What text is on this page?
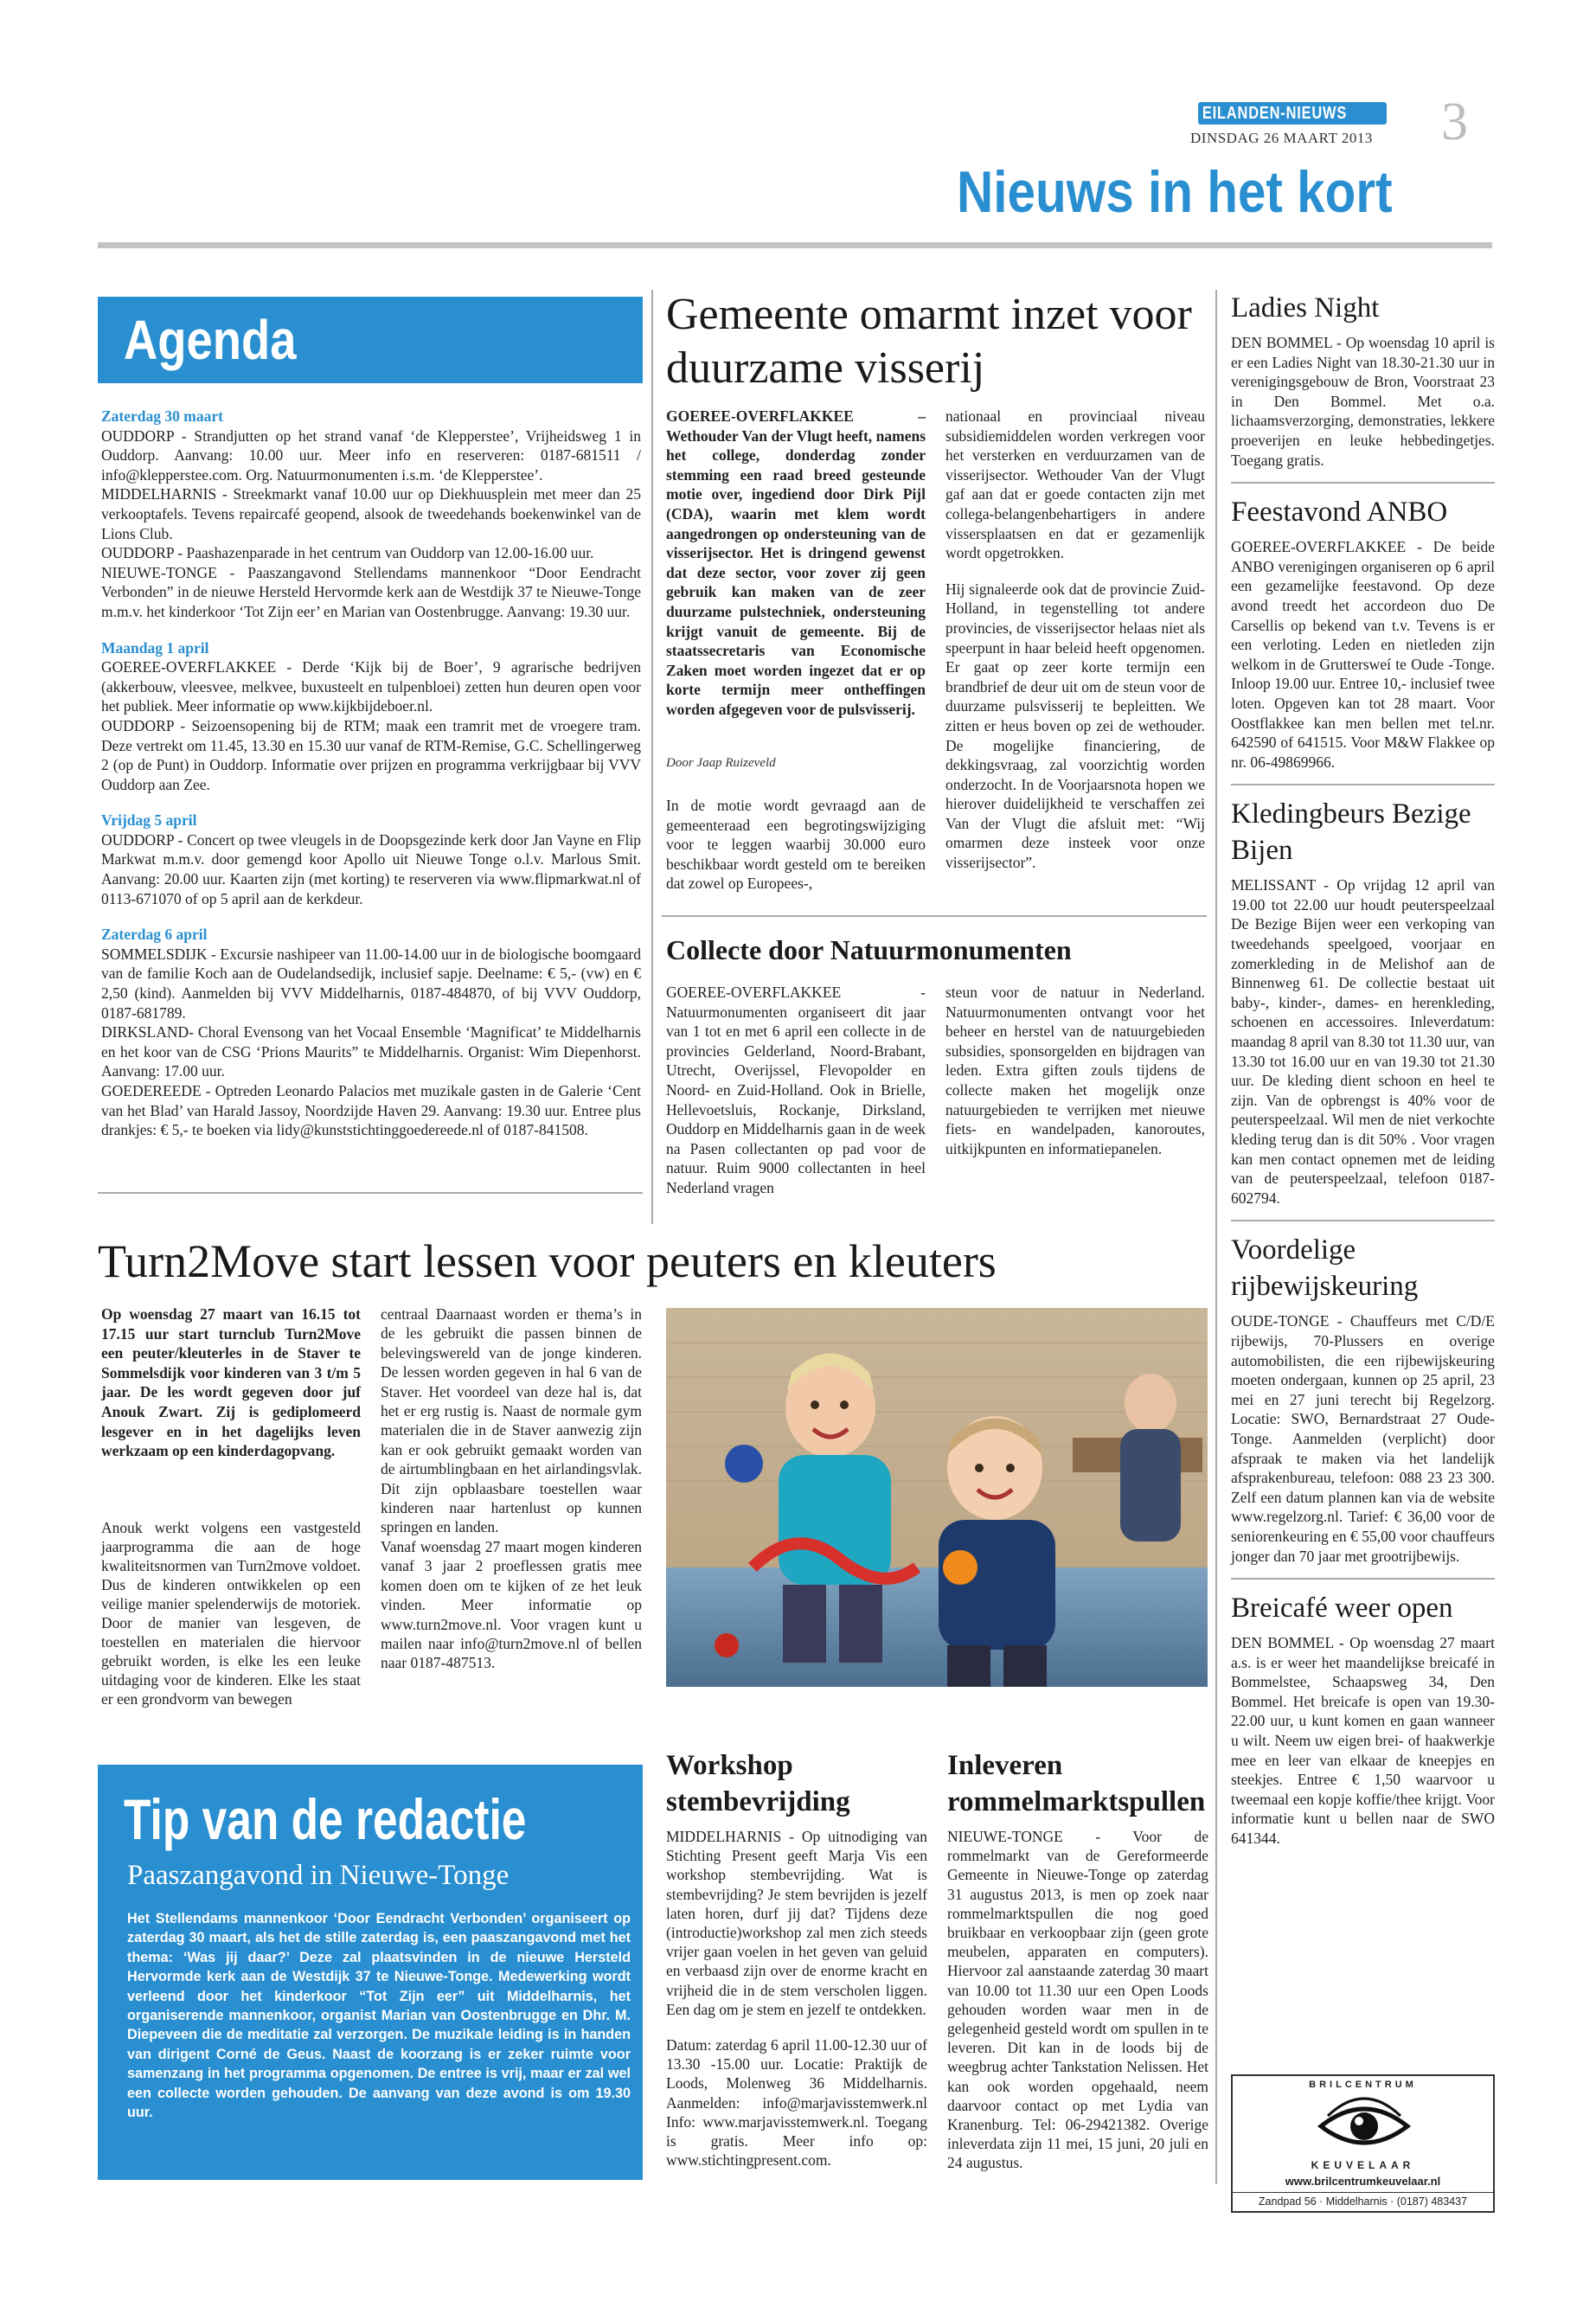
EILANDEN-NIEUWS
DINSDAG 26 MAART 2013	3
Nieuws in het kort
Agenda

Zaterdag 30 maart

OUDDORP - Strandjutten op het strand vanaf ‘de Klepperstee’, Vrijheidsweg 1 in Ouddorp. Aanvang: 10.00 uur. Meer info en reserveren: 0187-681511 / info@klepperstee.com. Org. Natuurmonumenten i.s.m. ‘de Klepperstee’.

MIDDELHARNIS - Streekmarkt vanaf 10.00 uur op Diekhuusplein met meer dan 25 verkooptafels. Tevens repaircafé geopend, alsook de tweedehands boekenwinkel van de Lions Club.

OUDDORP - Paashazenparade in het centrum van Ouddorp van 12.00-16.00 uur.

NIEUWE-TONGE - Paaszangavond Stellendams mannenkoor “Door Eendracht Verbonden” in de nieuwe Hersteld Hervormde kerk aan de Westdijk 37 te Nieuwe-Tonge m.m.v. het kinderkoor ‘Tot Zijn eer’ en Marian van Oostenbrugge. Aanvang: 19.30 uur.

Maandag 1 april

GOEREE-OVERFLAKKEE - Derde ‘Kijk bij de Boer’, 9 agrarische bedrijven (akkerbouw, vleesvee, melkvee, buxusteelt en tulpenbloei) zetten hun deuren open voor het publiek. Meer informatie op www.kijkbijdeboer.nl.

OUDDORP - Seizoensopening bij de RTM; maak een tramrit met de vroegere tram. Deze vertrekt om 11.45, 13.30 en 15.30 uur vanaf de RTM-Remise, G.C. Schellingerweg 2 (op de Punt) in Ouddorp. Informatie over prijzen en programma verkrijgbaar bij VVV Ouddorp aan Zee.

Vrijdag 5 april

OUDDORP - Concert op twee vleugels in de Doopsgezinde kerk door Jan Vayne en Flip Markwat m.m.v. door gemengd koor Apollo uit Nieuwe Tonge o.l.v. Marlous Smit. Aanvang: 20.00 uur. Kaarten zijn (met korting) te reserveren via www.flipmarkwat.nl of 0113-671070 of op 5 april aan de kerkdeur.

Zaterdag 6 april

SOMMELSDIJK - Excursie nashipeer van 11.00-14.00 uur in de biologische boomgaard van de familie Koch aan de Oudelandsedijk, inclusief sapje. Deelname: € 5,- (vw) en € 2,50 (kind). Aanmelden bij VVV Middelharnis, 0187-484870, of bij VVV Ouddorp, 0187-681789.

DIRKSLAND- Choral Evensong van het Vocaal Ensemble ‘Magnificat’ te Middelharnis en het koor van de CSG ‘Prions Maurits” te Middelharnis. Organist: Wim Diepenhorst. Aanvang: 17.00 uur.

GOEDEREEDE - Optreden Leonardo Palacios met muzikale gasten in de Galerie ‘Cent van het Blad’ van Harald Jassoy, Noordzijde Haven 29. Aanvang: 19.30 uur. Entree plus drankjes: € 5,- te boeken via lidy@kunststichtinggoedereede.nl of 0187-841508.

Gemeente omarmt inzet voor duurzame visserij
GOEREE-OVERFLAKKEE – Wethouder Van der Vlugt heeft, namens het college, donderdag zonder stemming een raad breed gesteunde motie over, ingediend door Dirk Pijl (CDA), waarin met klem wordt aangedrongen op ondersteuning van de visserijsector. Het is dringend gewenst dat deze sector, voor zover zij geen gebruik kan maken van de zeer duurzame pulstechniek, ondersteuning krijgt vanuit de gemeente. Bij de staatssecretaris van Economische Zaken moet worden ingezet dat er op korte termijn meer ontheffingen worden afgegeven voor de pulsvisserij.
Door Jaap Ruizeveld
In de motie wordt gevraagd aan de gemeenteraad een begrotingswijziging voor te leggen waarbij 30.000 euro beschikbaar wordt gesteld om te bereiken dat zowel op Europees-,

nationaal en provinciaal niveau subsidiemiddelen worden verkregen voor het versterken en verduurzamen van de visserijsector. Wethouder Van der Vlugt gaf aan dat er goede contacten zijn met collega-belangenbehartigers in andere vissersplaatsen en dat er gezamenlijk wordt opgetrokken.

Hij signaleerde ook dat de provincie Zuid-Holland, in tegenstelling tot andere provincies, de visserijsector helaas niet als speerpunt in haar beleid heeft opgenomen. Er gaat op zeer korte termijn een brandbrief de deur uit om de steun voor de duurzame pulsvisserij te bepleitten. We zitten er heus boven op zei de wethouder. De mogelijke financiering, de dekkingsvraag, zal voorzichtig worden onderzocht. In de Voorjaarsnota hopen we hierover duidelijkheid te verschaffen zei Van der Vlugt die afsluit met: “Wij omarmen deze insteek voor onze visserijsector”.

Collecte door Natuurmonumenten
GOEREE-OVERFLAKKEE - Natuurmonumenten organiseert dit jaar van 1 tot en met 6 april een collecte in de provincies Gelderland, Noord-Brabant, Utrecht, Overijssel, Flevopolder en Noord- en Zuid-Holland. Ook in Brielle, Hellevoetsluis, Rockanje, Dirksland, Ouddorp en Middelharnis gaan in de week na Pasen collectanten op pad voor de natuur. Ruim 9000 collectanten in heel Nederland vragen
steun voor de natuur in Nederland. Natuurmonumenten ontvangt voor het beheer en herstel van de natuurgebieden subsidies, sponsorgelden en bijdragen van leden. Extra giften zouls tijdens de collecte maken het mogelijk onze natuurgebieden te verrijken met nieuwe fiets- en wandelpaden, kanoroutes, uitkijkpunten en informatiepanelen.
Turn2Move start lessen voor peuters en kleuters
Op woensdag 27 maart van 16.15 tot 17.15 uur start turnclub Turn2Move een peuter/kleuterles in de Staver te Sommelsdijk voor kinderen van 3 t/m 5 jaar. De les wordt gegeven door juf Anouk Zwart. Zij is gediplomeerd lesgever en in het dagelijks leven werkzaam op een kinderdagopvang.
Anouk werkt volgens een vastgesteld jaarprogramma die aan de hoge kwaliteitsnormen van Turn2move voldoet. Dus de kinderen ontwikkelen op een veilige manier spelenderwijs de motoriek. Door de manier van lesgeven, de toestellen en materialen die hiervoor gebruikt worden, is elke les een leuke uitdaging voor de kinderen. Elke les staat er een grondvorm van bewegen

centraal Daarnaast worden er thema’s in de les gebruikt die passen binnen de belevingswereld van de jonge kinderen. De lessen worden gegeven in hal 6 van de Staver. Het voordeel van deze hal is, dat het er erg rustig is. Naast de normale gym materialen die in de Staver aanwezig zijn kan er ook gebruikt gemaakt worden van de airtumblingbaan en het airlandingsvlak. Dit zijn opblaasbare toestellen waar kinderen naar hartenlust op kunnen springen en landen.

Vanaf woensdag 27 maart mogen kinderen vanaf 3 jaar 2 proeflessen gratis mee komen doen om te kijken of ze het leuk vinden. Meer informatie op www.turn2move.nl. Voor vragen kunt u mailen naar info@turn2move.nl of bellen naar 0187-487513.

Tip van de redactie
Paaszangavond in Nieuwe-Tonge
Het Stellendams mannenkoor ‘Door Eendracht Verbonden’ organiseert op zaterdag 30 maart, als het de stille zaterdag is, een paaszangavond met het thema: ‘Was jij daar?’ Deze zal plaatsvinden in de nieuwe Hersteld Hervormde kerk aan de Westdijk 37 te Nieuwe-Tonge. Medewerking wordt verleend door het kinderkoor “Tot Zijn eer” uit Middelharnis, het organiserende mannenkoor, organist Marian van Oostenbrugge en Dhr. M. Diepeveen die de meditatie zal verzorgen. De muzikale leiding is in handen van dirigent Corné de Geus. Naast de koorzang is er zeker ruimte voor samenzang in het programma opgenomen. De entree is vrij, maar er zal wel een collecte worden gehouden. De aanvang van deze avond is om 19.30 uur.
Workshop stembevrijding

MIDDELHARNIS - Op uitnodiging van Stichting Present geeft Marja Vis een workshop stembevrijding. Wat is stembevrijding? Je stem bevrijden is jezelf laten horen, durf jij dat? Tijdens deze (introductie)workshop zal men zich steeds vrijer gaan voelen in het geven van geluid en verbaasd zijn over de enorme kracht en vrijheid die in de stem verscholen liggen. Een dag om je stem en jezelf te ontdekken.

Datum: zaterdag 6 april 11.00-12.30 uur of 13.30 -15.00 uur. Locatie: Praktijk de Loods, Molenweg 36 Middelharnis. Aanmelden: info@marjavisstemwerk.nl Info: www.marjavisstemwerk.nl. Toegang is gratis. Meer info op: www.stichtingpresent.com.

Inleveren rommelmarktspullen
NIEUWE-TONGE - Voor de rommelmarkt van de Gereformeerde Gemeente in Nieuwe-Tonge op zaterdag 31 augustus 2013, is men op zoek naar rommelmarktspullen die nog goed bruikbaar en verkoopbaar zijn (geen grote meubelen, apparaten en computers). Hiervoor zal aanstaande zaterdag 30 maart van 10.00 tot 11.30 uur een Open Loods gehouden worden waar men in de gelegenheid gesteld wordt om spullen in te leveren. Dit kan in de loods bij de weegbrug achter Tankstation Nelissen. Het kan ook worden opgehaald, neem daarvoor contact op met Lydia van Kranenburg. Tel: 06-29421382. Overige inleverdata zijn 11 mei, 15 juni, 20 juli en 24 augustus.
Ladies Night

DEN BOMMEL - Op woensdag 10 april is er een Ladies Night van 18.30-21.30 uur in verenigingsgebouw de Bron, Voorstraat 23 in Den Bommel. Met o.a. lichaamsverzorging, demonstraties, lekkere proeverijen en leuke hebbedingetjes. Toegang gratis.

Feestavond ANBO

GOEREE-OVERFLAKKEE - De beide ANBO verenigingen organiseren op 6 april een gezamelijke feestavond. Op deze avond treedt het accordeon duo De Carsellis op bekend van t.v. Tevens is er een verloting. Leden en nietleden zijn welkom in de Gruttersweí te Oude -Tonge. Inloop 19.00 uur. Entree 10,- inclusief twee loten. Opgeven kan tot 28 maart. Voor Oostflakkee kan men bellen met tel.nr. 642590 of 641515. Voor M&W Flakkee op nr. 06-49869966.

Kledingbeurs Bezige Bijen

MELISSANT - Op vrijdag 12 april van 19.00 tot 22.00 uur houdt peuterspeelzaal De Bezige Bijen weer een verkoping van tweedehands speelgoed, voorjaar en zomerkleding in de Melishof aan de Binnenweg 61. De collectie bestaat uit baby-, kinder-, dames- en herenkleding, schoenen en accessoires. Inleverdatum: maandag 8 april van 8.30 tot 11.30 uur, van 13.30 tot 16.00 uur en van 19.30 tot 21.30 uur. De kleding dient schoon en heel te zijn. Van de opbrengst is 40% voor de peuterspeelzaal. Wil men de niet verkochte kleding terug dan is dit 50% . Voor vragen kan men contact opnemen met de leiding van de peuterspeelzaal, telefoon 0187-602794.

Voordelige rijbewijskeuring

OUDE-TONGE - Chauffeurs met C/D/E rijbewijs, 70-Plussers en overige automobilisten, die een rijbewijskeuring moeten ondergaan, kunnen op 25 april, 23 mei en 27 juni terecht bij Regelzorg. Locatie: SWO, Bernardstraat 27 Oude-Tonge. Aanmelden (verplicht) door afspraak te maken via het landelijk afsprakenbureau, telefoon: 088 23 23 300. Zelf een datum plannen kan via de website www.regelzorg.nl. Tarief: € 36,00 voor de seniorenkeuring en € 55,00 voor chauffeurs jonger dan 70 jaar met grootrijbewijs.

Breicafé weer open

DEN BOMMEL - Op woensdag 27 maart a.s. is er weer het maandelijkse breicafé in Bommelstee, Schaapsweg 34, Den Bommel. Het breicafe is open van 19.30-22.00 uur, u kunt komen en gaan wanneer u wilt. Neem uw eigen brei- of haakwerkje mee en leer van elkaar de kneepjes en steekjes. Entree € 1,50 waarvoor u tweemaal een kopje koffie/thee krijgt. Voor informatie kunt u bellen naar de SWO 641344.

BRILCENTRUM
KEUVELAAR
www.brilcentrumkeuvelaar.nl
Zandpad 56 · Middelharnis · (0187) 483437
